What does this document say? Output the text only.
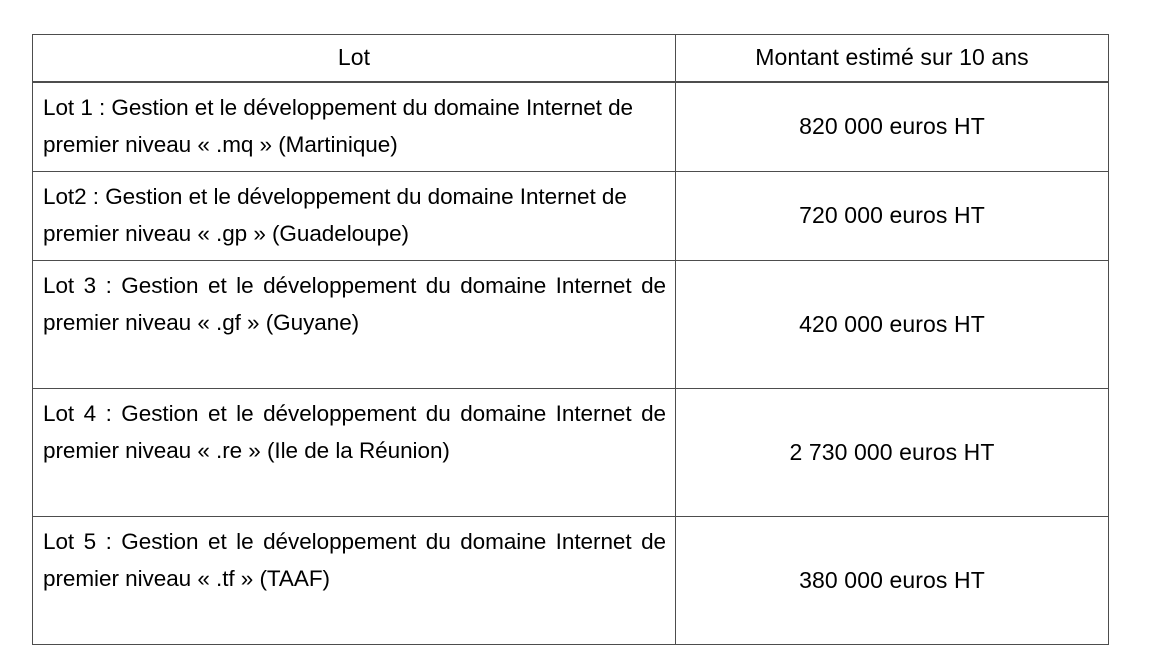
Lot	Montant estimé sur 10 ans
Lot 1 : Gestion et le développement du domaine Internet de premier niveau « .mq » (Martinique)	820 000 euros HT
Lot2 : Gestion et le développement du domaine Internet de premier niveau « .gp » (Guadeloupe)	720 000 euros HT
Lot 3 : Gestion et le développement du domaine Internet de premier niveau « .gf » (Guyane)	420 000 euros HT
Lot 4 : Gestion et le développement du domaine Internet de premier niveau « .re » (Ile de la Réunion)	2 730 000 euros HT
Lot 5 : Gestion et le développement du domaine Internet de premier niveau « .tf » (TAAF)	380 000 euros HT
